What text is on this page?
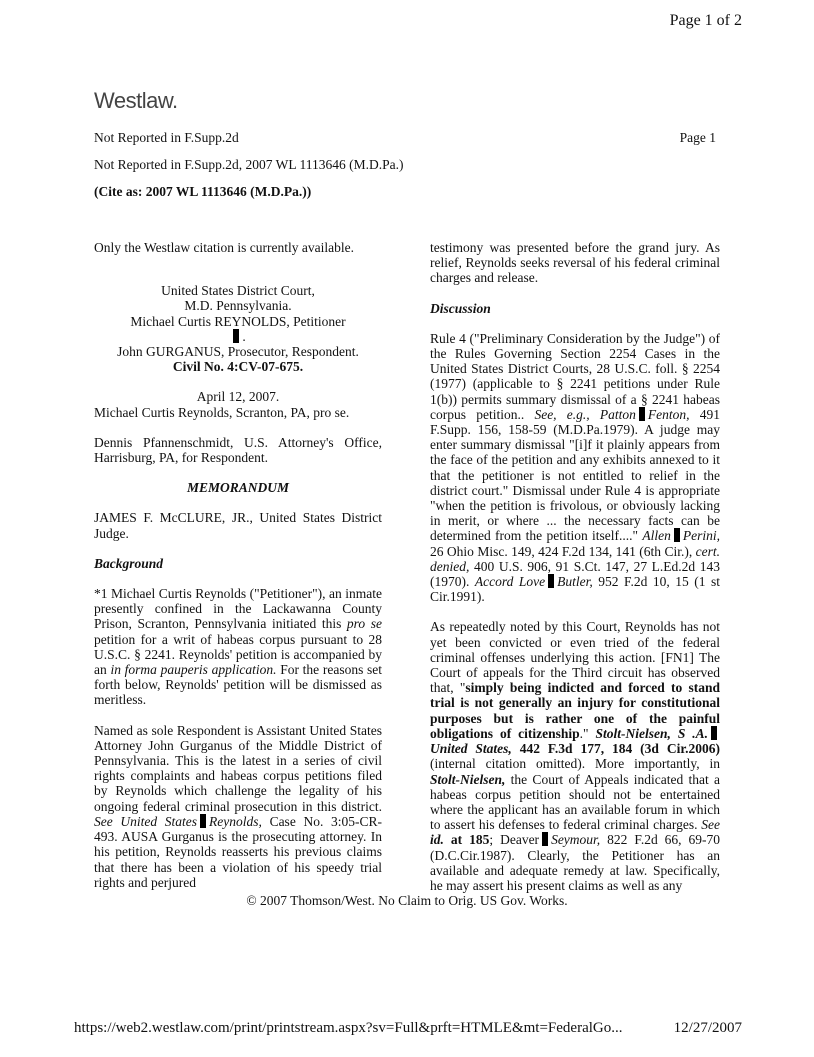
Page 1 of 2
Westlaw.
Not Reported in F.Supp.2d	Page 1
Not Reported in F.Supp.2d, 2007 WL 1113646 (M.D.Pa.)
(Cite as: 2007 WL 1113646 (M.D.Pa.))

Only the Westlaw citation is currently available.

United States District Court,
M.D. Pennsylvania.
Michael Curtis REYNOLDS, Petitioner
.
John GURGANUS, Prosecutor, Respondent.
Civil No. 4:CV-07-675.
April 12, 2007.

Michael Curtis Reynolds, Scranton, PA, pro se.

Dennis Pfannenschmidt, U.S. Attorney's Office, Harrisburg, PA, for Respondent.

MEMORANDUM

JAMES F. McCLURE, JR., United States District Judge.

Background

*1 Michael Curtis Reynolds ("Petitioner"), an inmate presently confined in the Lackawanna County Prison, Scranton, Pennsylvania initiated this pro se petition for a writ of habeas corpus pursuant to 28 U.S.C. § 2241. Reynolds' petition is accompanied by an in forma pauperis application. For the reasons set forth below, Reynolds' petition will be dismissed as meritless.

Named as sole Respondent is Assistant United States Attorney John Gurganus of the Middle District of Pennsylvania. This is the latest in a series of civil rights complaints and habeas corpus petitions filed by Reynolds which challenge the legality of his ongoing federal criminal prosecution in this district. See United States Reynolds, Case No. 3:05-CR-493. AUSA Gurganus is the prosecuting attorney. In his petition, Reynolds reasserts his previous claims that there has been a violation of his speedy trial rights and perjured

testimony was presented before the grand jury. As relief, Reynolds seeks reversal of his federal criminal charges and release.

Discussion

Rule 4 ("Preliminary Consideration by the Judge") of the Rules Governing Section 2254 Cases in the United States District Courts, 28 U.S.C. foll. § 2254 (1977) (applicable to § 2241 petitions under Rule 1(b)) permits summary dismissal of a § 2241 habeas corpus petition.. See, e.g., Patton Fenton, 491 F.Supp. 156, 158-59 (M.D.Pa.1979). A judge may enter summary dismissal "[i]f it plainly appears from the face of the petition and any exhibits annexed to it that the petitioner is not entitled to relief in the district court." Dismissal under Rule 4 is appropriate "when the petition is frivolous, or obviously lacking in merit, or where ... the necessary facts can be determined from the petition itself...." Allen Perini, 26 Ohio Misc. 149, 424 F.2d 134, 141 (6th Cir.), cert. denied, 400 U.S. 906, 91 S.Ct. 147, 27 L.Ed.2d 143 (1970). Accord Love Butler, 952 F.2d 10, 15 (1 st Cir.1991).

As repeatedly noted by this Court, Reynolds has not yet been convicted or even tried of the federal criminal offenses underlying this action. [FN1] The Court of appeals for the Third circuit has observed that, "simply being indicted and forced to stand trial is not generally an injury for constitutional purposes but is rather one of the painful obligations of citizenship." Stolt-Nielsen, S .A.United States, 442 F.3d 177, 184 (3d Cir.2006) (internal citation omitted). More importantly, in Stolt-Nielsen, the Court of Appeals indicated that a habeas corpus petition should not be entertained where the applicant has an available forum in which to assert his defenses to federal criminal charges. See id. at 185; Deaver Seymour, 822 F.2d 66, 69-70 (D.C.Cir.1987). Clearly, the Petitioner has an available and adequate remedy at law. Specifically, he may assert his present claims as well as any

© 2007 Thomson/West. No Claim to Orig. US Gov. Works.
https://web2.westlaw.com/print/printstream.aspx?sv=Full&prft=HTMLE&mt=FederalGo...	12/27/2007
